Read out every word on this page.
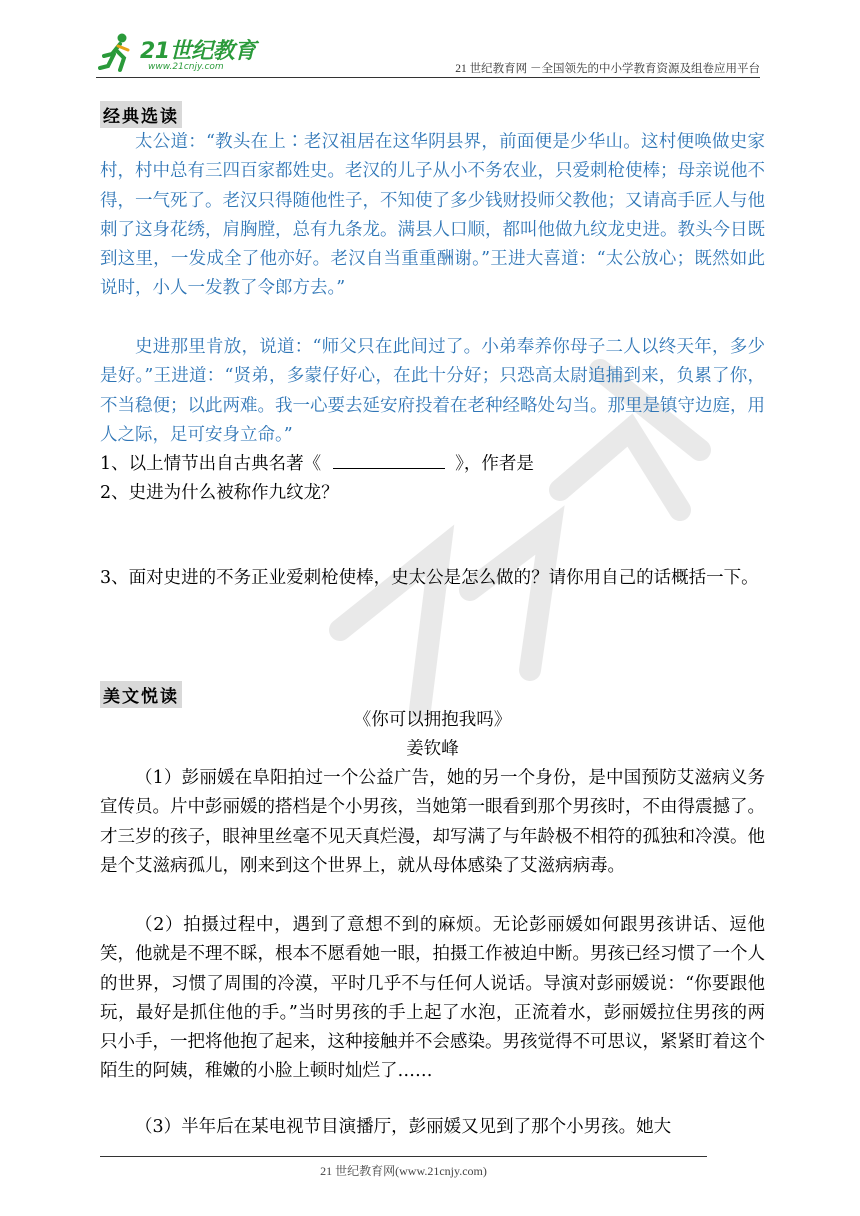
21世纪教育
www.21cnjy.com	21 世纪教育网 －全国领先的中小学教育资源及组卷应用平台
经典选读

太公道：“教头在上∶老汉祖居在这华阴县界，前面便是少华山。这村便唤做史家村，村中总有三四百家都姓史。老汉的儿子从小不务农业，只爱刺枪使棒；母亲说他不得，一气死了。老汉只得随他性子，不知使了多少钱财投师父教他；又请高手匠人与他刺了这身花绣，肩胸膛，总有九条龙。满县人口顺，都叫他做九纹龙史进。教头今日既到这里，一发成全了他亦好。老汉自当重重酬谢。”王进大喜道：“太公放心；既然如此说时，小人一发教了令郎方去。”

史进那里肯放，说道：“师父只在此间过了。小弟奉养你母子二人以终天年，多少是好。”王进道：“贤弟，多蒙仔好心，在此十分好；只恐高太尉追捕到来，负累了你，不当稳便；以此两难。我一心要去延安府投着在老种经略处勾当。那里是镇守边庭，用人之际，足可安身立命。”

1、以上情节出自古典名著《	》，作者是
2、史进为什么被称作九纹龙？
3、面对史进的不务正业爱刺枪使棒，史太公是怎么做的？请你用自己的话概括一下。
美文悦读
《你可以拥抱我吗》
姜钦峰

（1）彭丽媛在阜阳拍过一个公益广告，她的另一个身份，是中国预防艾滋病义务宣传员。片中彭丽媛的搭档是个小男孩，当她第一眼看到那个男孩时，不由得震撼了。才三岁的孩子，眼神里丝毫不见天真烂漫，却写满了与年龄极不相符的孤独和冷漠。他是个艾滋病孤儿，刚来到这个世界上，就从母体感染了艾滋病病毒。

（2）拍摄过程中，遇到了意想不到的麻烦。无论彭丽媛如何跟男孩讲话、逗他笑，他就是不理不睬，根本不愿看她一眼，拍摄工作被迫中断。男孩已经习惯了一个人的世界，习惯了周围的冷漠，平时几乎不与任何人说话。导演对彭丽媛说：“你要跟他玩，最好是抓住他的手。”当时男孩的手上起了水泡，正流着水，彭丽媛拉住男孩的两只小手，一把将他抱了起来，这种接触并不会感染。男孩觉得不可思议，紧紧盯着这个陌生的阿姨，稚嫩的小脸上顿时灿烂了……

（3）半年后在某电视节目演播厅，彭丽媛又见到了那个小男孩。她大

21 世纪教育网(www.21cnjy.com)
